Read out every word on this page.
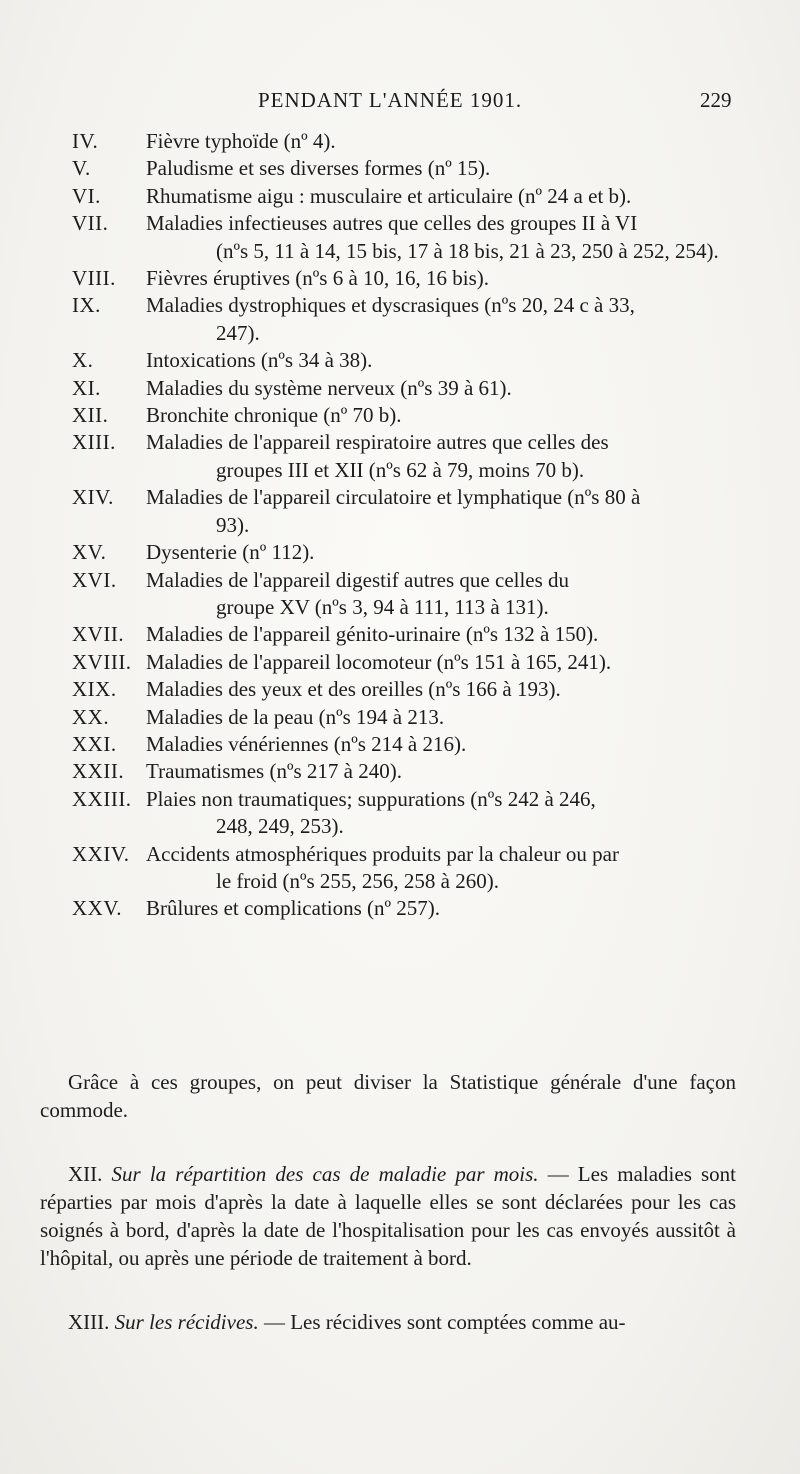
PENDANT L'ANNÉE 1901.	229
IV.	Fièvre typhoïde (nº 4).
V.	Paludisme et ses diverses formes (nº 15).
VI.	Rhumatisme aigu : musculaire et articulaire (nº 24 a et b).
VII.	Maladies infectieuses autres que celles des groupes II à VI
(nºs 5, 11 à 14, 15 bis, 17 à 18 bis, 21 à 23, 250 à 252, 254).
VIII.	Fièvres éruptives (nºs 6 à 10, 16, 16 bis).
IX.	Maladies dystrophiques et dyscrasiques (nºs 20, 24 c à 33,
247).
X.	Intoxications (nºs 34 à 38).
XI.	Maladies du système nerveux (nºs 39 à 61).
XII.	Bronchite chronique (nº 70 b).
XIII.	Maladies de l'appareil respiratoire autres que celles des
groupes III et XII (nºs 62 à 79, moins 70 b).
XIV.	Maladies de l'appareil circulatoire et lymphatique (nºs 80 à
93).
XV.	Dysenterie (nº 112).
XVI.	Maladies de l'appareil digestif autres que celles du
groupe XV (nºs 3, 94 à 111, 113 à 131).
XVII.	Maladies de l'appareil génito-urinaire (nºs 132 à 150).
XVIII. Maladies de l'appareil locomoteur (nºs 151 à 165, 241).
XIX.	Maladies des yeux et des oreilles (nºs 166 à 193).
XX.	Maladies de la peau (nºs 194 à 213.
XXI.	Maladies vénériennes (nºs 214 à 216).
XXII.	Traumatismes (nºs 217 à 240).
XXIII. Plaies non traumatiques; suppurations (nºs 242 à 246,
248, 249, 253).
XXIV. Accidents atmosphériques produits par la chaleur ou par
le froid (nºs 255, 256, 258 à 260).
XXV.	Brûlures et complications (nº 257).

Grâce à ces groupes, on peut diviser la Statistique générale d'une façon commode.

XII. Sur la répartition des cas de maladie par mois. — Les maladies sont réparties par mois d'après la date à laquelle elles se sont déclarées pour les cas soignés à bord, d'après la date de l'hospitalisation pour les cas envoyés aussitôt à l'hôpital, ou après une période de traitement à bord.

XIII. Sur les récidives. — Les récidives sont comptées comme au-
